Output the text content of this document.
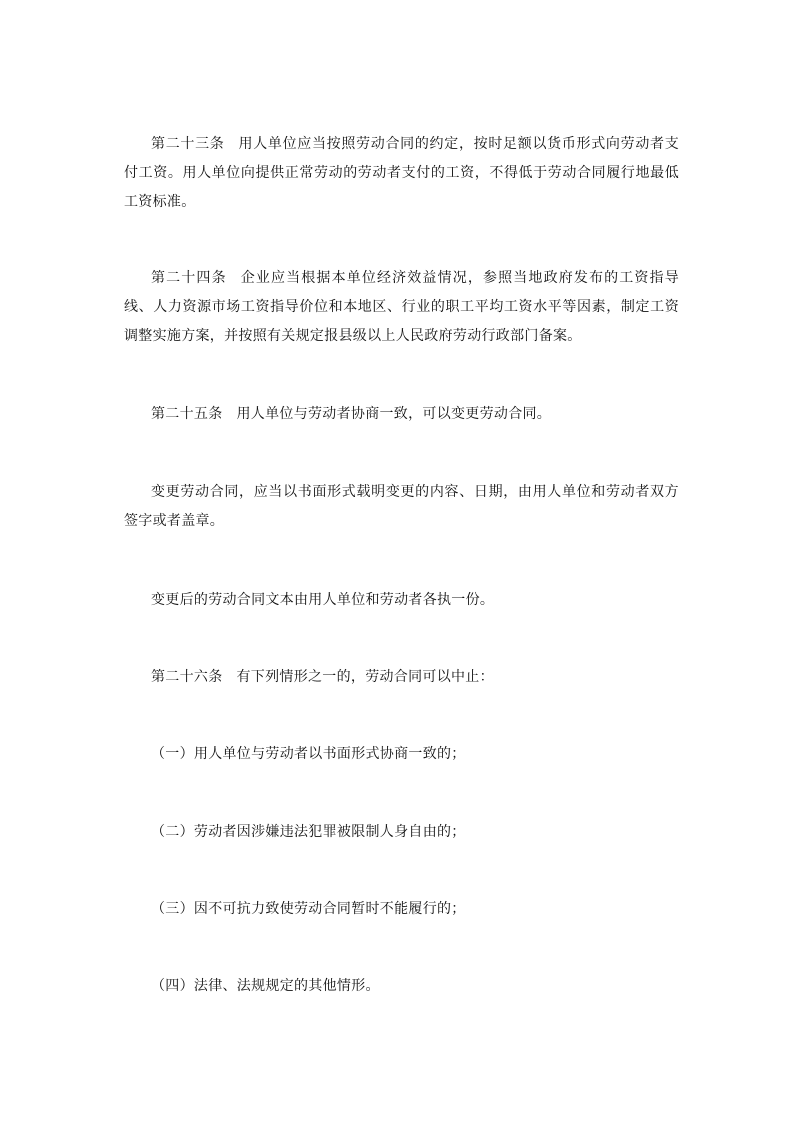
第二十三条 用人单位应当按照劳动合同的约定，按时足额以货币形式向劳动者支付工资。用人单位向提供正常劳动的劳动者支付的工资，不得低于劳动合同履行地最低工资标准。

第二十四条 企业应当根据本单位经济效益情况，参照当地政府发布的工资指导线、人力资源市场工资指导价位和本地区、行业的职工平均工资水平等因素，制定工资调整实施方案，并按照有关规定报县级以上人民政府劳动行政部门备案。

第二十五条 用人单位与劳动者协商一致，可以变更劳动合同。

变更劳动合同，应当以书面形式载明变更的内容、日期，由用人单位和劳动者双方签字或者盖章。

变更后的劳动合同文本由用人单位和劳动者各执一份。

第二十六条 有下列情形之一的，劳动合同可以中止：

（一）用人单位与劳动者以书面形式协商一致的；

（二）劳动者因涉嫌违法犯罪被限制人身自由的；

（三）因不可抗力致使劳动合同暂时不能履行的；

（四）法律、法规规定的其他情形。
